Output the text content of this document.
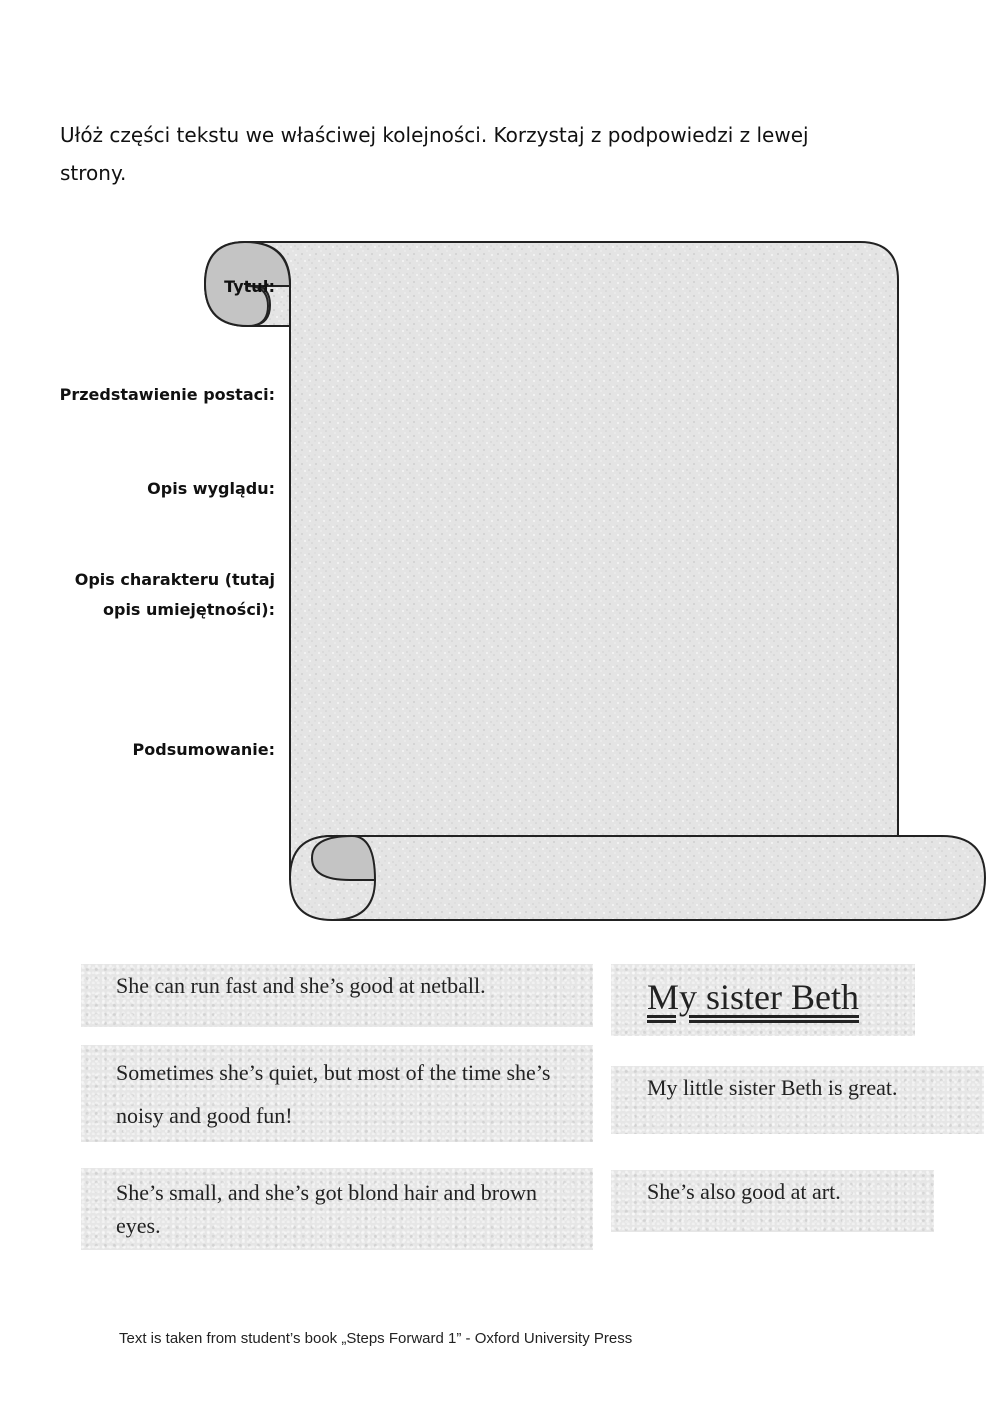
Ułóż części tekstu we właściwej kolejności. Korzystaj z podpowiedzi z lewej strony.
Tytuł:
Przedstawienie postaci:
Opis wyglądu:
Opis charakteru (tutaj
opis umiejętności):
Podsumowanie:
She can run fast and she’s good at netball.
Sometimes she’s quiet, but most of the time she’s noisy and good fun!
She’s small, and she’s got blond hair and brown eyes.
My sister Beth
My little sister Beth is great.
She’s also good at art.
Text is taken from student’s book „Steps Forward 1” - Oxford University Press
